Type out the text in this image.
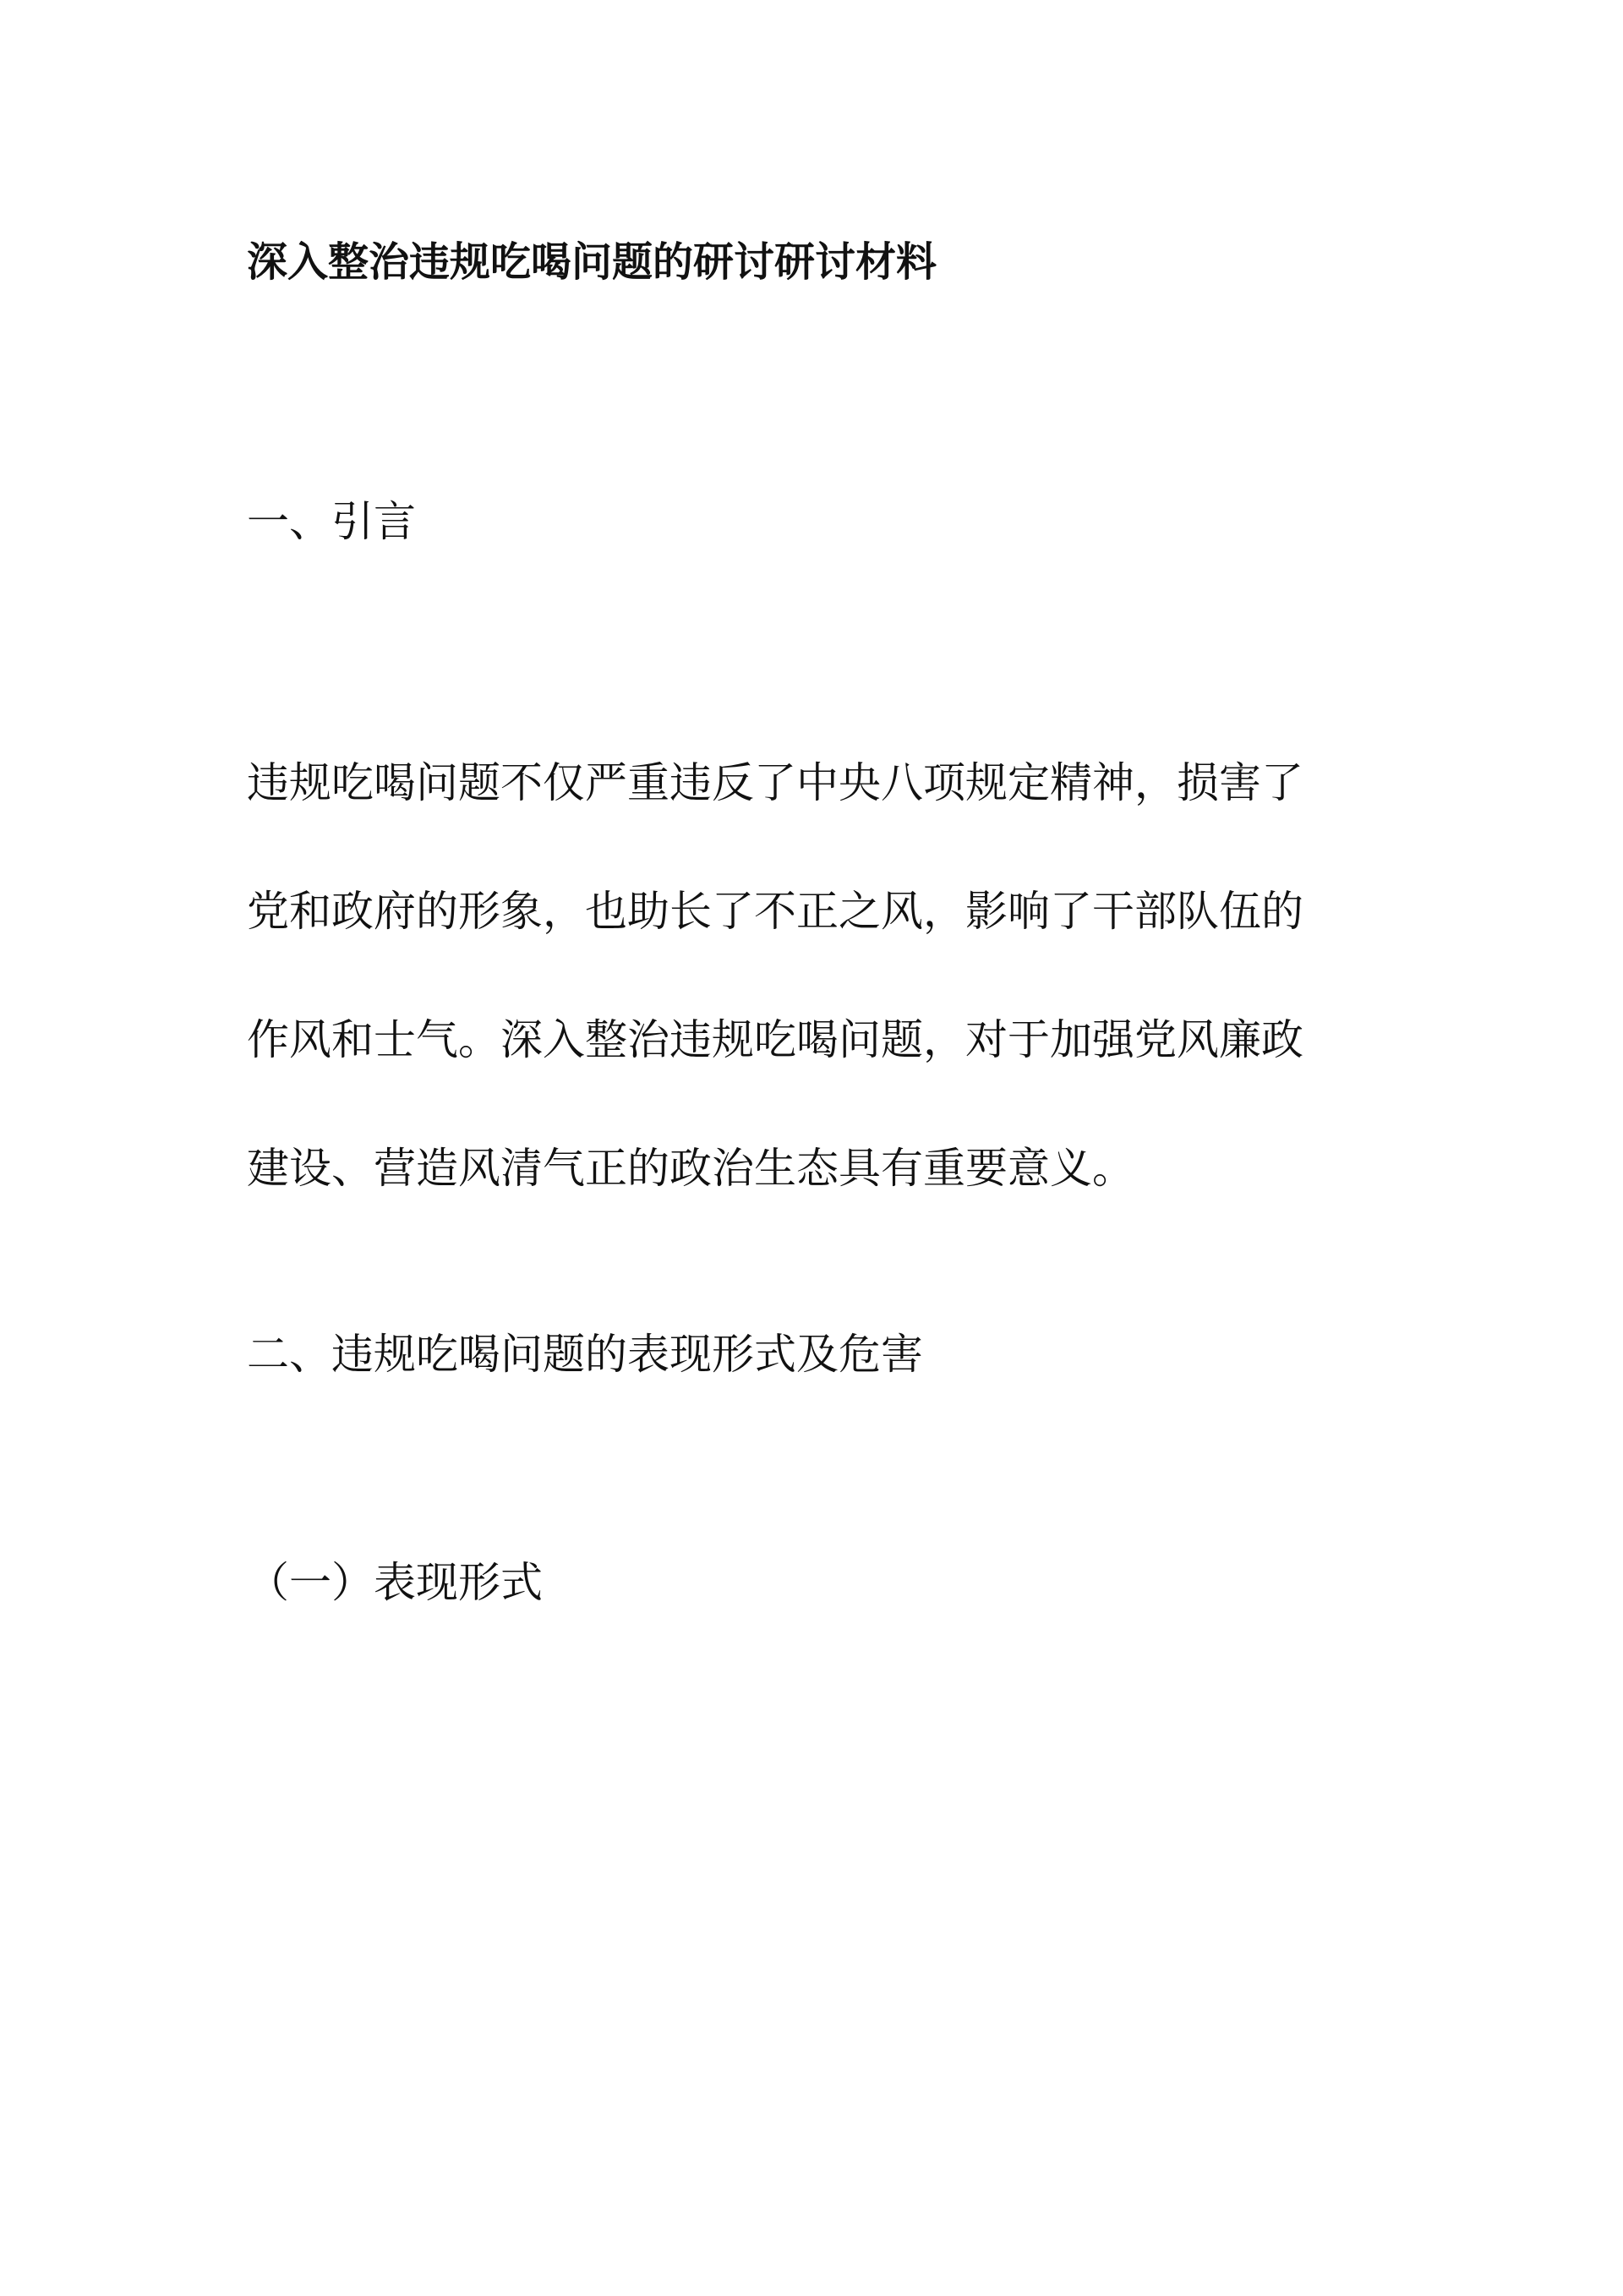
深入整治违规吃喝问题的研讨研讨材料
一、引言

违规吃喝问题不仅严重违反了中央八项规定精神，损害了
党和政府的形象，也助长了不正之风，影响了干部队伍的
作风和士气。深入整治违规吃喝问题，对于加强党风廉政
建设、营造风清气正的政治生态具有重要意义。

二、违规吃喝问题的表现形式及危害
（一）表现形式
